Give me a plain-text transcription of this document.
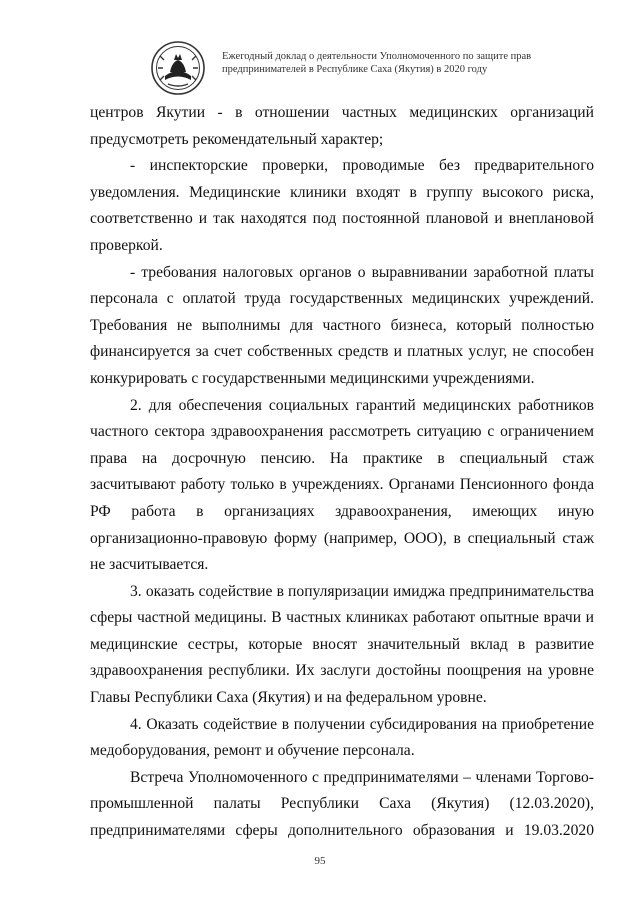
Ежегодный доклад о деятельности Уполномоченного по защите прав
предпринимателей в Республике Саха (Якутия) в 2020 году

центров Якутии - в отношении частных медицинских организаций предусмотреть рекомендательный характер;

- инспекторские проверки, проводимые без предварительного уведомления. Медицинские клиники входят в группу высокого риска, соответственно и так находятся под постоянной плановой и внеплановой проверкой.

- требования налоговых органов о выравнивании заработной платы персонала с оплатой труда государственных медицинских учреждений. Требования не выполнимы для частного бизнеса, который полностью финансируется за счет собственных средств и платных услуг, не способен конкурировать с государственными медицинскими учреждениями.

2. для обеспечения социальных гарантий медицинских работников частного сектора здравоохранения рассмотреть ситуацию с ограничением права на досрочную пенсию. На практике в специальный стаж засчитывают работу только в учреждениях. Органами Пенсионного фонда РФ работа в организациях здравоохранения, имеющих иную организационно-правовую форму (например, ООО), в специальный стаж не засчитывается.

3. оказать содействие в популяризации имиджа предпринимательства сферы частной медицины. В частных клиниках работают опытные врачи и медицинские сестры, которые вносят значительный вклад в развитие здравоохранения республики. Их заслуги достойны поощрения на уровне Главы Республики Саха (Якутия) и на федеральном уровне.

4. Оказать содействие в получении субсидирования на приобретение медоборудования, ремонт и обучение персонала.

Встреча Уполномоченного с предпринимателями – членами Торгово-промышленной палаты Республики Саха (Якутия) (12.03.2020), предпринимателями сферы дополнительного образования и 19.03.2020

95
